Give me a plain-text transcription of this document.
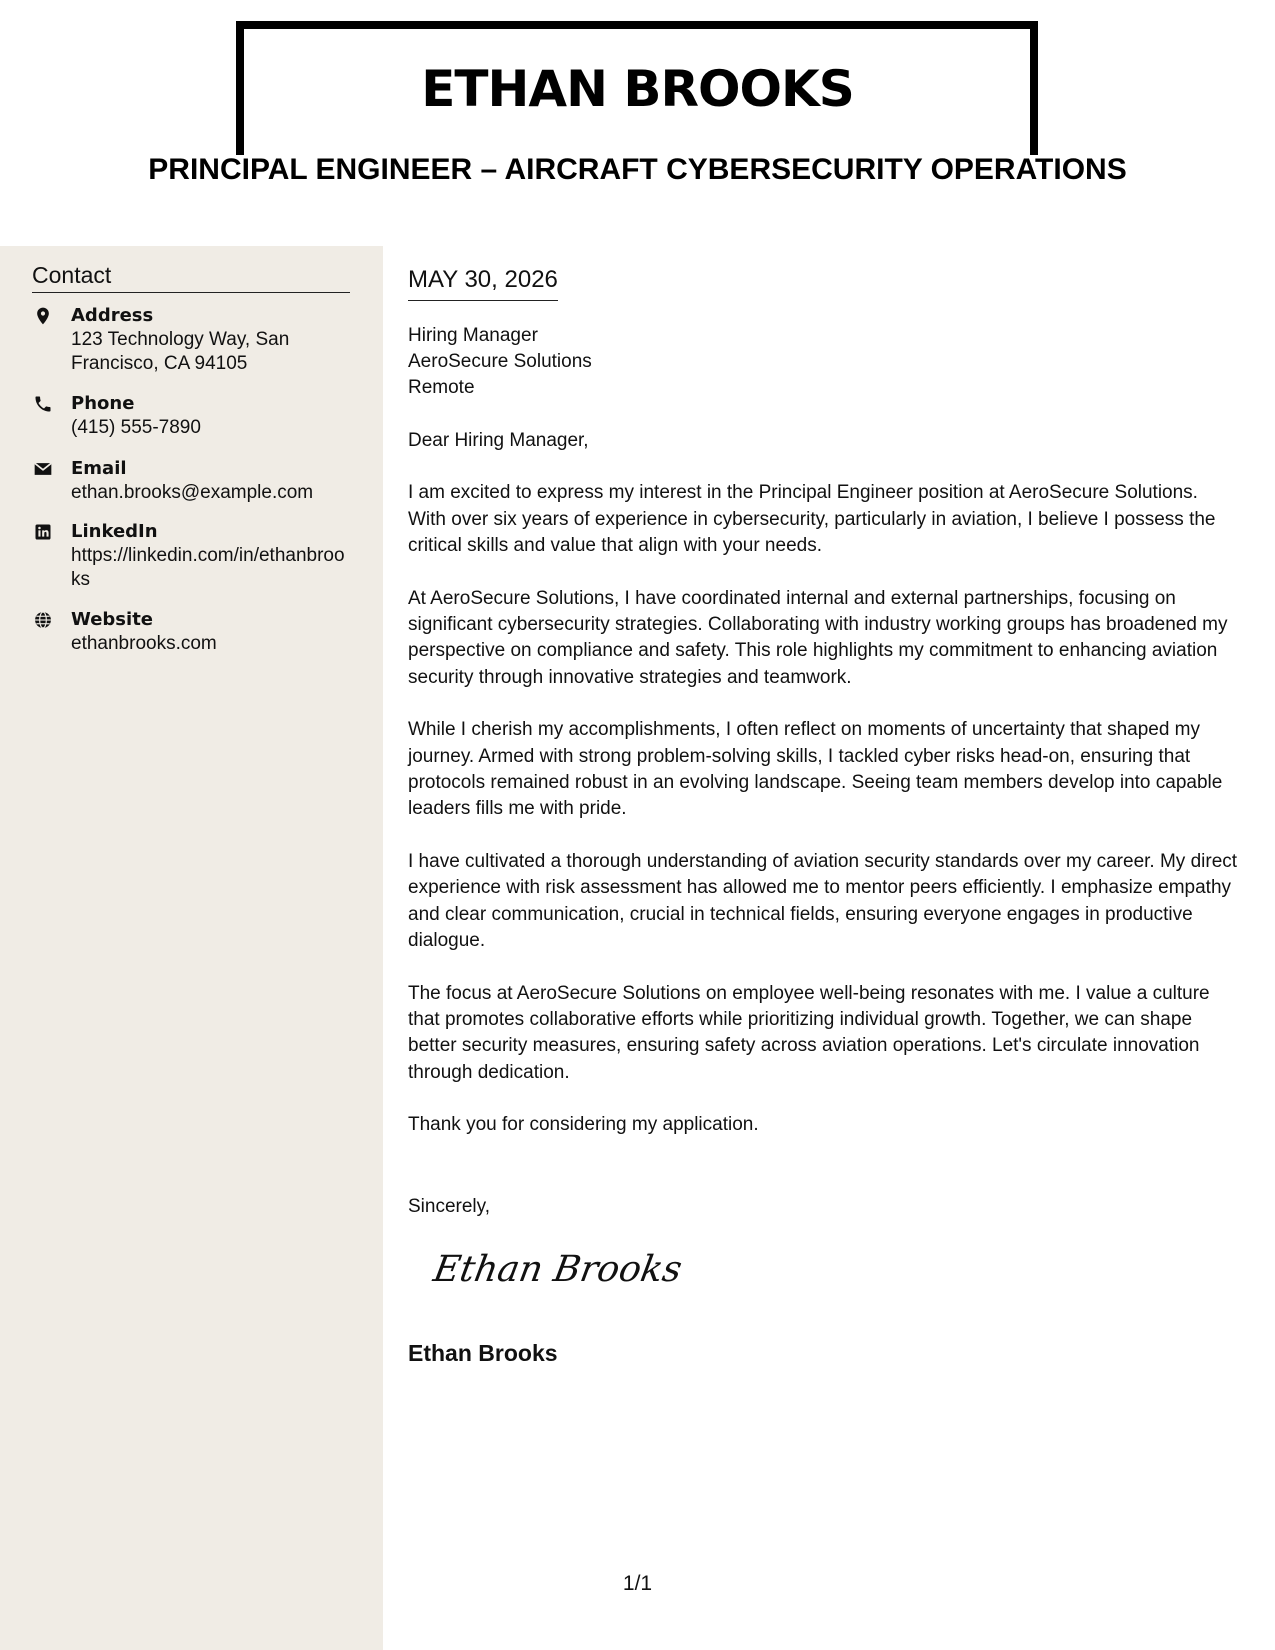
ETHAN BROOKS
PRINCIPAL ENGINEER – AIRCRAFT CYBERSECURITY OPERATIONS
Contact
Address
123 Technology Way, San Francisco, CA 94105
Phone
(415) 555-7890
Email
ethan.brooks@example.com
LinkedIn
https://linkedin.com/in/ethanbrooks
Website
ethanbrooks.com
MAY 30, 2026
Hiring Manager
AeroSecure Solutions
Remote

Dear Hiring Manager,

I am excited to express my interest in the Principal Engineer position at AeroSecure Solutions. With over six years of experience in cybersecurity, particularly in aviation, I believe I possess the critical skills and value that align with your needs.

At AeroSecure Solutions, I have coordinated internal and external partnerships, focusing on significant cybersecurity strategies. Collaborating with industry working groups has broadened my perspective on compliance and safety. This role highlights my commitment to enhancing aviation security through innovative strategies and teamwork.

While I cherish my accomplishments, I often reflect on moments of uncertainty that shaped my journey. Armed with strong problem-solving skills, I tackled cyber risks head-on, ensuring that protocols remained robust in an evolving landscape. Seeing team members develop into capable leaders fills me with pride.

I have cultivated a thorough understanding of aviation security standards over my career. My direct experience with risk assessment has allowed me to mentor peers efficiently. I emphasize empathy and clear communication, crucial in technical fields, ensuring everyone engages in productive dialogue.

The focus at AeroSecure Solutions on employee well-being resonates with me. I value a culture that promotes collaborative efforts while prioritizing individual growth. Together, we can shape better security measures, ensuring safety across aviation operations. Let's circulate innovation through dedication.

Thank you for considering my application.

Sincerely,
Ethan Brooks
Ethan Brooks
1/1
